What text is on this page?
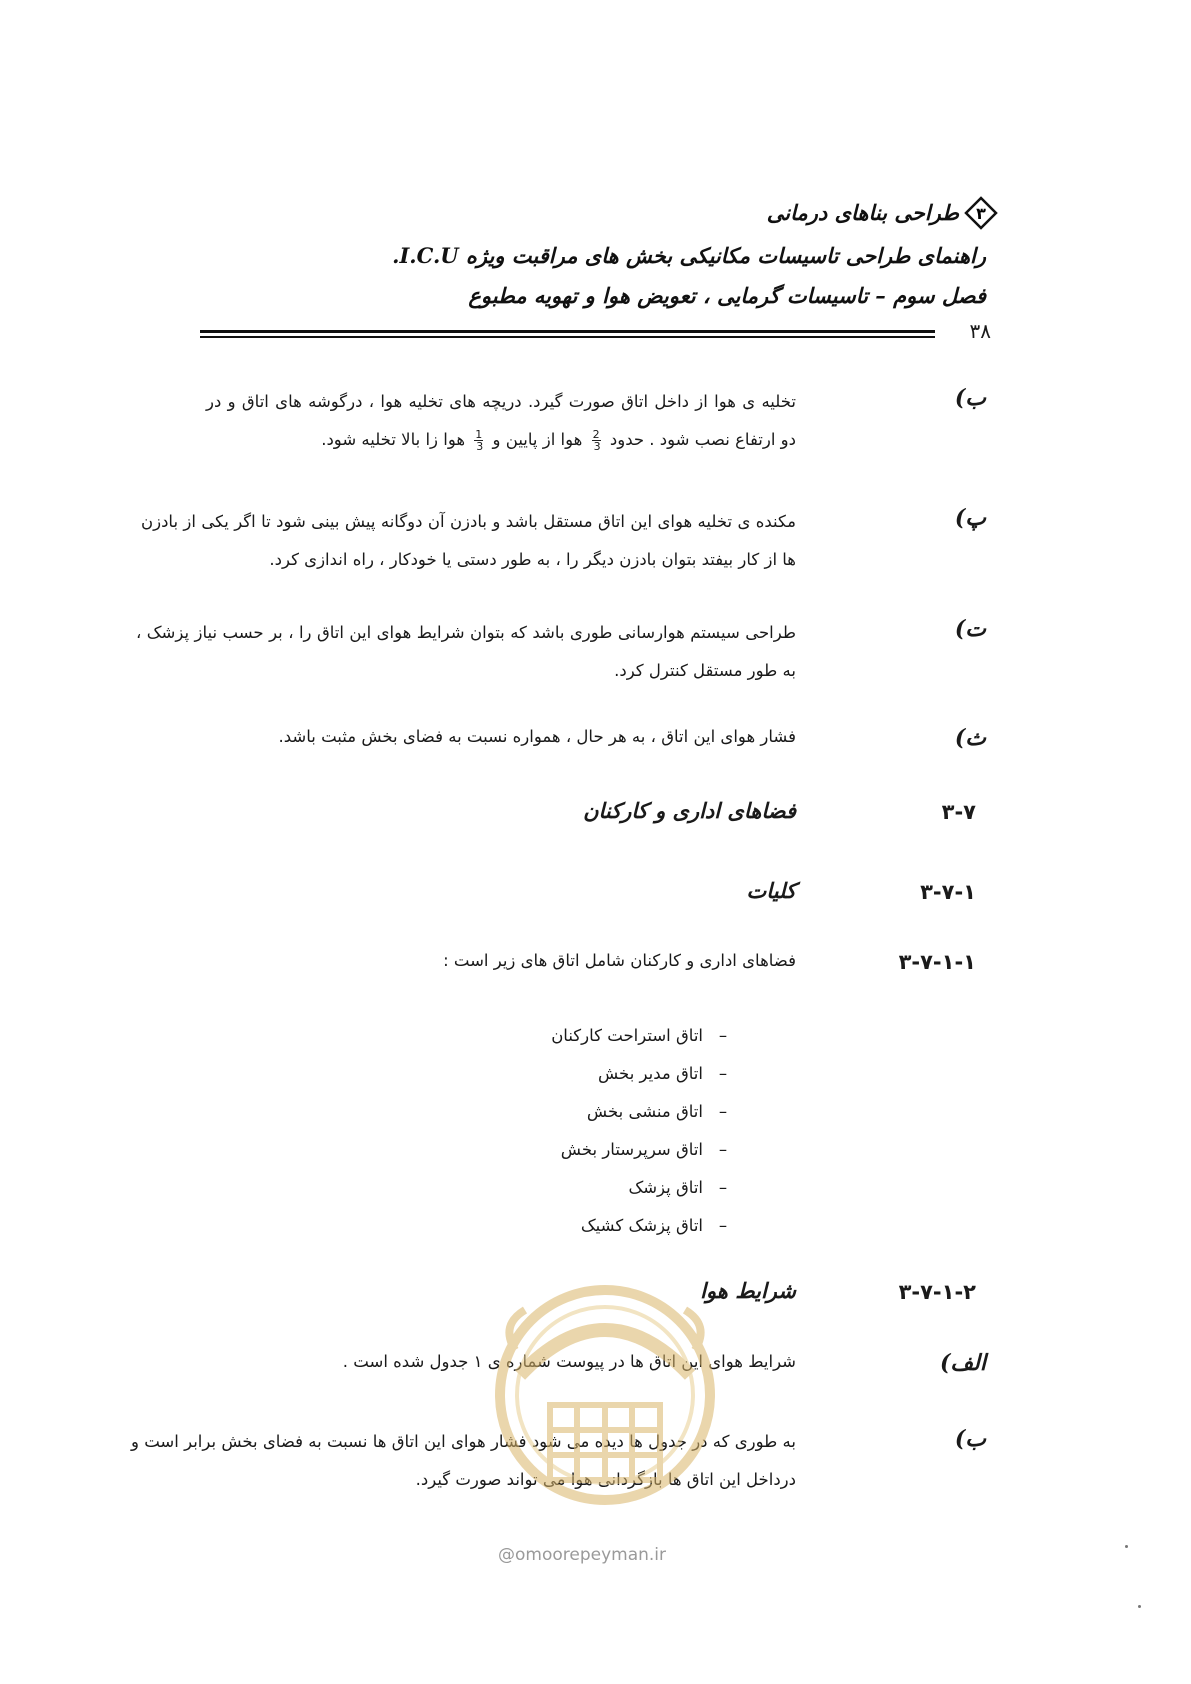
۳
طراحی بناهای درمانی
راهنمای طراحی تاسیسات مکانیکی بخش های مراقبت ویژه I.C.U.
فصل سوم – تاسیسات گرمایی ، تعویض هوا و تهویه مطبوع
۳۸
ب)
تخلیه ی هوا از داخل اتاق صورت گیرد. دریچه های تخلیه هوا ، درگوشه های اتاق و در دو ارتفاع نصب شود . حدود
$\frac{2}{3}$
هوا از پایین و
$\frac{1}{3}$
هوا زا بالا تخلیه شود.
پ)
مکنده ی تخلیه هوای این اتاق مستقل باشد و بادزن آن دوگانه پیش بینی شود تا اگر یکی از بادزن ها از کار بیفتد بتوان بادزن دیگر را ، به طور دستی یا خودکار ، راه اندازی کرد.
ت)
طراحی سیستم هوارسانی طوری باشد که بتوان شرایط هوای این اتاق را ، بر حسب نیاز پزشک ، به طور مستقل کنترل کرد.
ث)
فشار هوای این اتاق ، به هر حال ، همواره نسبت به فضای بخش مثبت باشد.
۳-۷
فضاهای اداری و کارکنان
۳-۷-۱
کلیات
۳-۷-۱-۱
فضاهای اداری و کارکنان شامل اتاق های زیر است :
–اتاق استراحت کارکنان
–اتاق مدیر بخش
–اتاق منشی بخش
–اتاق سرپرستار بخش
–اتاق پزشک
–اتاق پزشک کشیک
۳-۷-۱-۲
شرایط هوا
الف)
شرایط هوای این اتاق ها در پیوست شماره ی ۱ جدول شده است .
ب)
به طوری که در جدول ها دیده می شود فشار هوای این اتاق ها نسبت به فضای بخش برابر است و درداخل این اتاق ها بازگردانی هوا می تواند صورت گیرد.
@omoorepeyman.ir
